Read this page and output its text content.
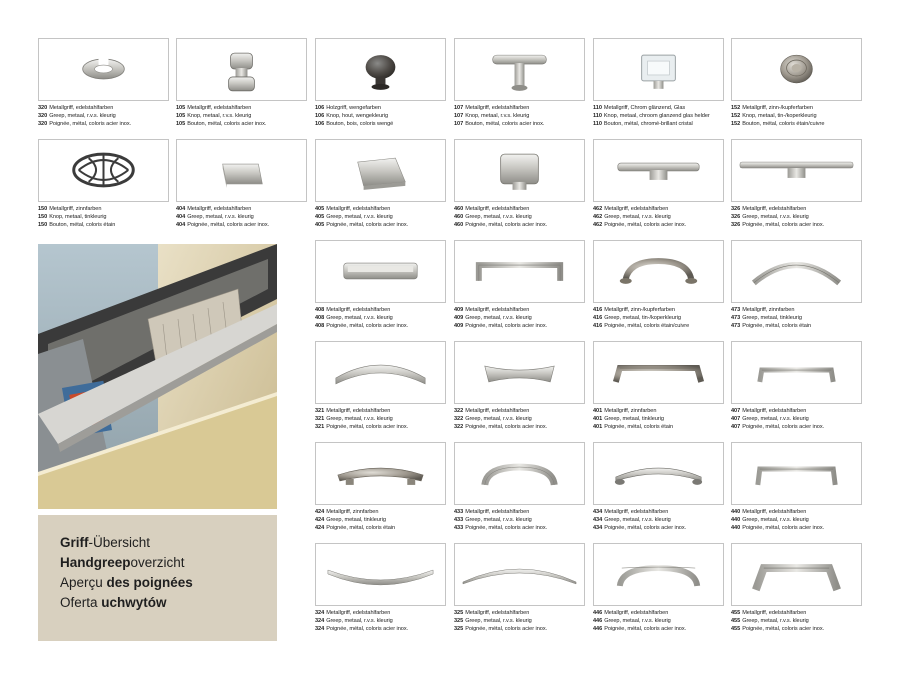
320 Metallgriff, edelstahlfarben
320 Greep, metaal, r.v.s. kleurig
320 Poignée, métal, coloris acier inox.
105 Metallgriff, edelstahlfarben
105 Knop, metaal, r.v.s. kleurig
105 Bouton, métal, coloris acier inox.
106 Holzgriff, wengefarben
106 Knop, hout, wengekleurig
106 Bouton, bois, coloris wengé
107 Metallgriff, edelstahlfarben
107 Knop, metaal, r.v.s. kleurig
107 Bouton, métal, coloris acier inox.
110 Metallgriff, Chrom glänzend, Glas
110 Knop, metaal, chroom glanzend glas helder
110 Bouton, métal, chromé-brillant cristal
152 Metallgriff, zinn-/kupferfarben
152 Knop, metaal, tin-/koperkleurig
152 Bouton, métal, coloris étain/cuivre
150 Metallgriff, zinnfarben
150 Knop, metaal, tinkleurig
150 Bouton, métal, coloris étain
404 Metallgriff, edelstahlfarben
404 Greep, metaal, r.v.s. kleurig
404 Poignée, métal, coloris acier inox.
405 Metallgriff, edelstahlfarben
405 Greep, metaal, r.v.s. kleurig
405 Poignée, métal, coloris acier inox.
460 Metallgriff, edelstahlfarben
460 Greep, metaal, r.v.s. kleurig
460 Poignée, métal, coloris acier inox.
462 Metallgriff, edelstahlfarben
462 Greep, metaal, r.v.s. kleurig
462 Poignée, métal, coloris acier inox.
326 Metallgriff, edelstahlfarben
326 Greep, metaal, r.v.s. kleurig
326 Poignée, métal, coloris acier inox.
408 Metallgriff, edelstahlfarben
408 Greep, metaal, r.v.s. kleurig
408 Poignée, métal, coloris acier inox.
409 Metallgriff, edelstahlfarben
409 Greep, metaal, r.v.s. kleurig
409 Poignée, métal, coloris acier inox.
416 Metallgriff, zinn-/kupferfarben
416 Greep, metaal, tin-/koperkleurig
416 Poignée, métal, coloris étain/cuivre
473 Metallgriff, zinnfarben
473 Greep, metaal, tinkleurig
473 Poignée, métal, coloris étain
321 Metallgriff, edelstahlfarben
321 Greep, metaal, r.v.s. kleurig
321 Poignée, métal, coloris acier inox.
322 Metallgriff, edelstahlfarben
322 Greep, metaal, r.v.s. kleurig
322 Poignée, métal, coloris acier inox.
401 Metallgriff, zinnfarben
401 Greep, metaal, tinkleurig
401 Poignée, métal, coloris étain
407 Metallgriff, edelstahlfarben
407 Greep, metaal, r.v.s. kleurig
407 Poignée, métal, coloris acier inox.
424 Metallgriff, zinnfarben
424 Greep, metaal, tinkleurig
424 Poignée, métal, coloris étain
433 Metallgriff, edelstahlfarben
433 Greep, metaal, r.v.s. kleurig
433 Poignée, métal, coloris acier inox.
434 Metallgriff, edelstahlfarben
434 Greep, metaal, r.v.s. kleurig
434 Poignée, métal, coloris acier inox.
440 Metallgriff, edelstahlfarben
440 Greep, metaal, r.v.s. kleurig
440 Poignée, métal, coloris acier inox.
324 Metallgriff, edelstahlfarben
324 Greep, metaal, r.v.s. kleurig
324 Poignée, métal, coloris acier inox.
325 Metallgriff, edelstahlfarben
325 Greep, metaal, r.v.s. kleurig
325 Poignée, métal, coloris acier inox.
446 Metallgriff, edelstahlfarben
446 Greep, metaal, r.v.s. kleurig
446 Poignée, métal, coloris acier inox.
455 Metallgriff, edelstahlfarben
455 Greep, metaal, r.v.s. kleurig
455 Poignée, métal, coloris acier inox.
Griff-Übersicht
Handgreepoverzicht
Aperçu des poignées
Oferta uchwytów
